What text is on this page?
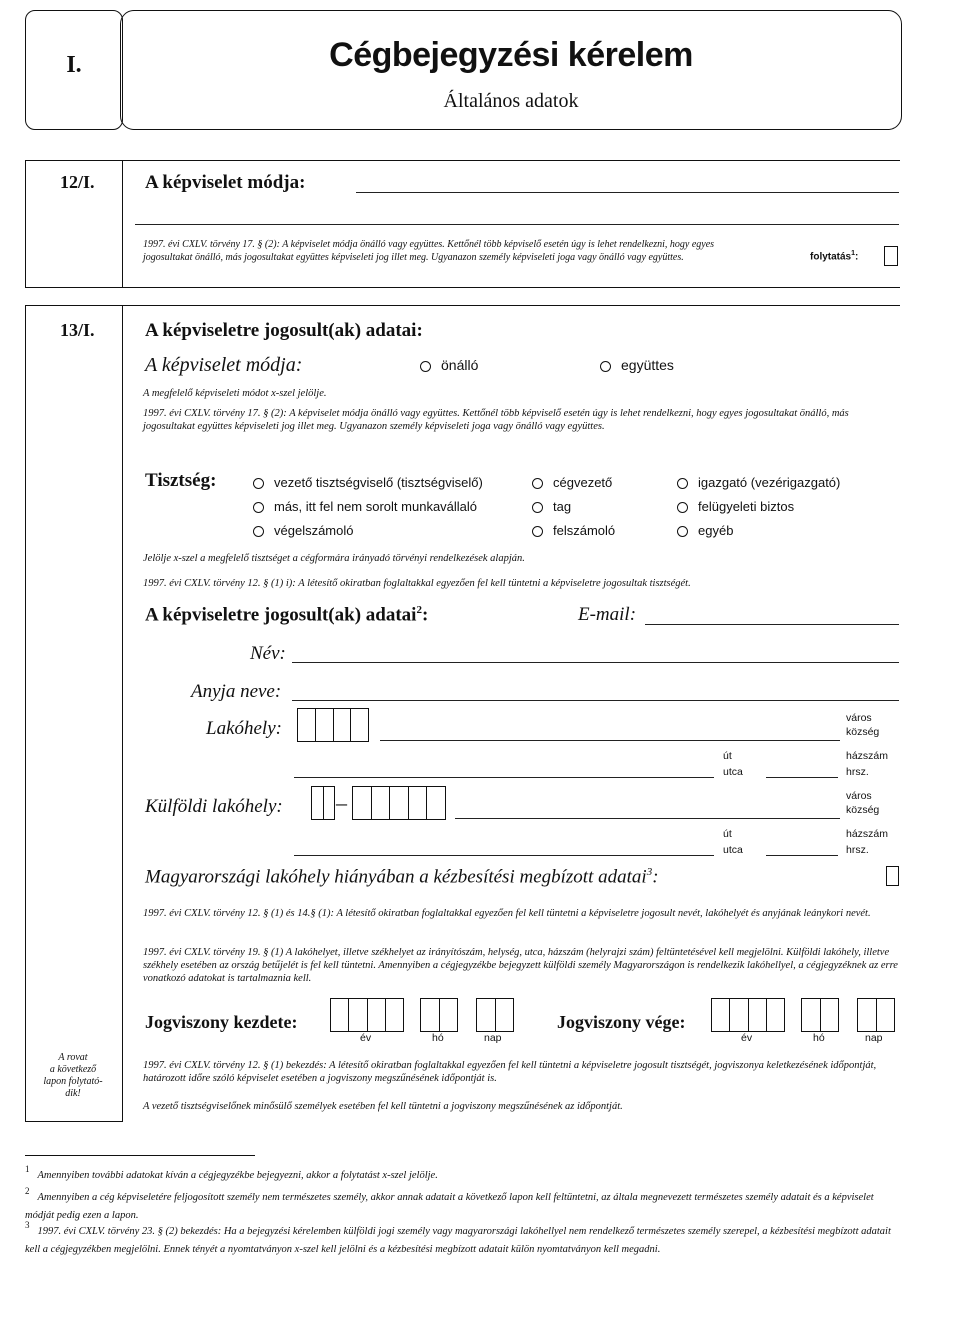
I.	Cégbejegyzési kérelem
Általános adatok
12/I.	A képviselet módja:
1997. évi CXLV. törvény 17. § (2): A képviselet módja önálló vagy együttes. Kettőnél több képviselő esetén úgy is lehet rendelkezni, hogy egyes jogosultakat önálló, más jogosultakat együttes képviseleti jog illet meg. Ugyanazon személy képviseleti joga vagy önálló vagy együttes.	folytatás$^1$:
13/I.	A képviseletre jogosult(ak) adatai:
A képviselet módja:	önálló	együttes
A megfelelő képviseleti módot x-szel jelölje.
1997. évi CXLV. törvény 17. § (2): A képviselet módja önálló vagy együttes. Kettőnél több képviselő esetén úgy is lehet rendelkezni, hogy egyes jogosultakat önálló, más jogosultakat együttes képviseleti jog illet meg. Ugyanazon személy képviseleti joga vagy önálló vagy együttes.
Tisztség:	vezető tisztségviselő (tisztségviselő)	cégvezető	igazgató (vezérigazgató)
más, itt fel nem sorolt munkavállaló	tag	felügyeleti biztos
végelszámoló	felszámoló	egyéb
Jelölje x-szel a megfelelő tisztséget a cégformára irányadó törvényi rendelkezések alapján.
1997. évi CXLV. törvény 12. § (1) i): A létesítő okiratban foglaltakkal egyezően fel kell tüntetni a képviseletre jogosultak tisztségét.
A képviseletre jogosult(ak) adatai$^2$:	E-mail:
Név:
Anyja neve:
Lakóhely:	város
község
út
utca
házszám
hrsz.
Külföldi lakóhely: –	város
község
út
utca
házszám
hrsz.
Magyarországi lakóhely hiányában a kézbesítési megbízott adatai$^3$:
1997. évi CXLV. törvény 12. § (1) és 14.§ (1): A létesítő okiratban foglaltakkal egyezően fel kell tüntetni a képviseletre jogosult nevét, lakóhelyét és anyjának leánykori nevét.
1997. évi CXLV. törvény 19. § (1) A lakóhelyet, illetve székhelyet az irányítószám, helység, utca, házszám (helyrajzi szám) feltüntetésével kell megjelölni. Külföldi lakóhely, illetve székhely esetében az ország betűjelét is fel kell tüntetni. Amennyiben a cégjegyzékbe bejegyzett külföldi személy Magyarországon is rendelkezik lakóhellyel, a cégjegyzéknek az erre vonatkozó adatokat is tartalmaznia kell.
Jogviszony kezdete:
év	hó	nap
Jogviszony vége:
év	hó	nap
1997. évi CXLV. törvény 12. § (1) bekezdés: A létesítő okiratban foglaltakkal egyezően fel kell tüntetni a képviseletre jogosult tisztségét, jogviszonya keletkezésének időpontját, határozott időre szóló képviselet esetében a jogviszony megszűnésének időpontját is.
A vezető tisztségviselőnek minősülő személyek esetében fel kell tüntetni a jogviszony megszűnésének az időpontját.
A rovat
a következő
lapon folytató-
dik!
$^1$ Amennyiben további adatokat kíván a cégjegyzékbe bejegyezni, akkor a folytatást x-szel jelölje.
$^2$ Amennyiben a cég képviseletére feljogosított személy nem természetes személy, akkor annak adatait a következő lapon kell feltüntetni, az általa megnevezett természetes személy adatait és a képviselet módját pedig ezen a lapon.
$^3$ 1997. évi CXLV. törvény 23. § (2) bekezdés: Ha a bejegyzési kérelemben külföldi jogi személy vagy magyarországi lakóhellyel nem rendelkező természetes személy szerepel, a kézbesítési megbízott adatait kell a cégjegyzékben megjelölni. Ennek tényét a nyomtatványon x-szel kell jelölni és a kézbesítési megbízott adatait külön nyomtatványon kell megadni.
